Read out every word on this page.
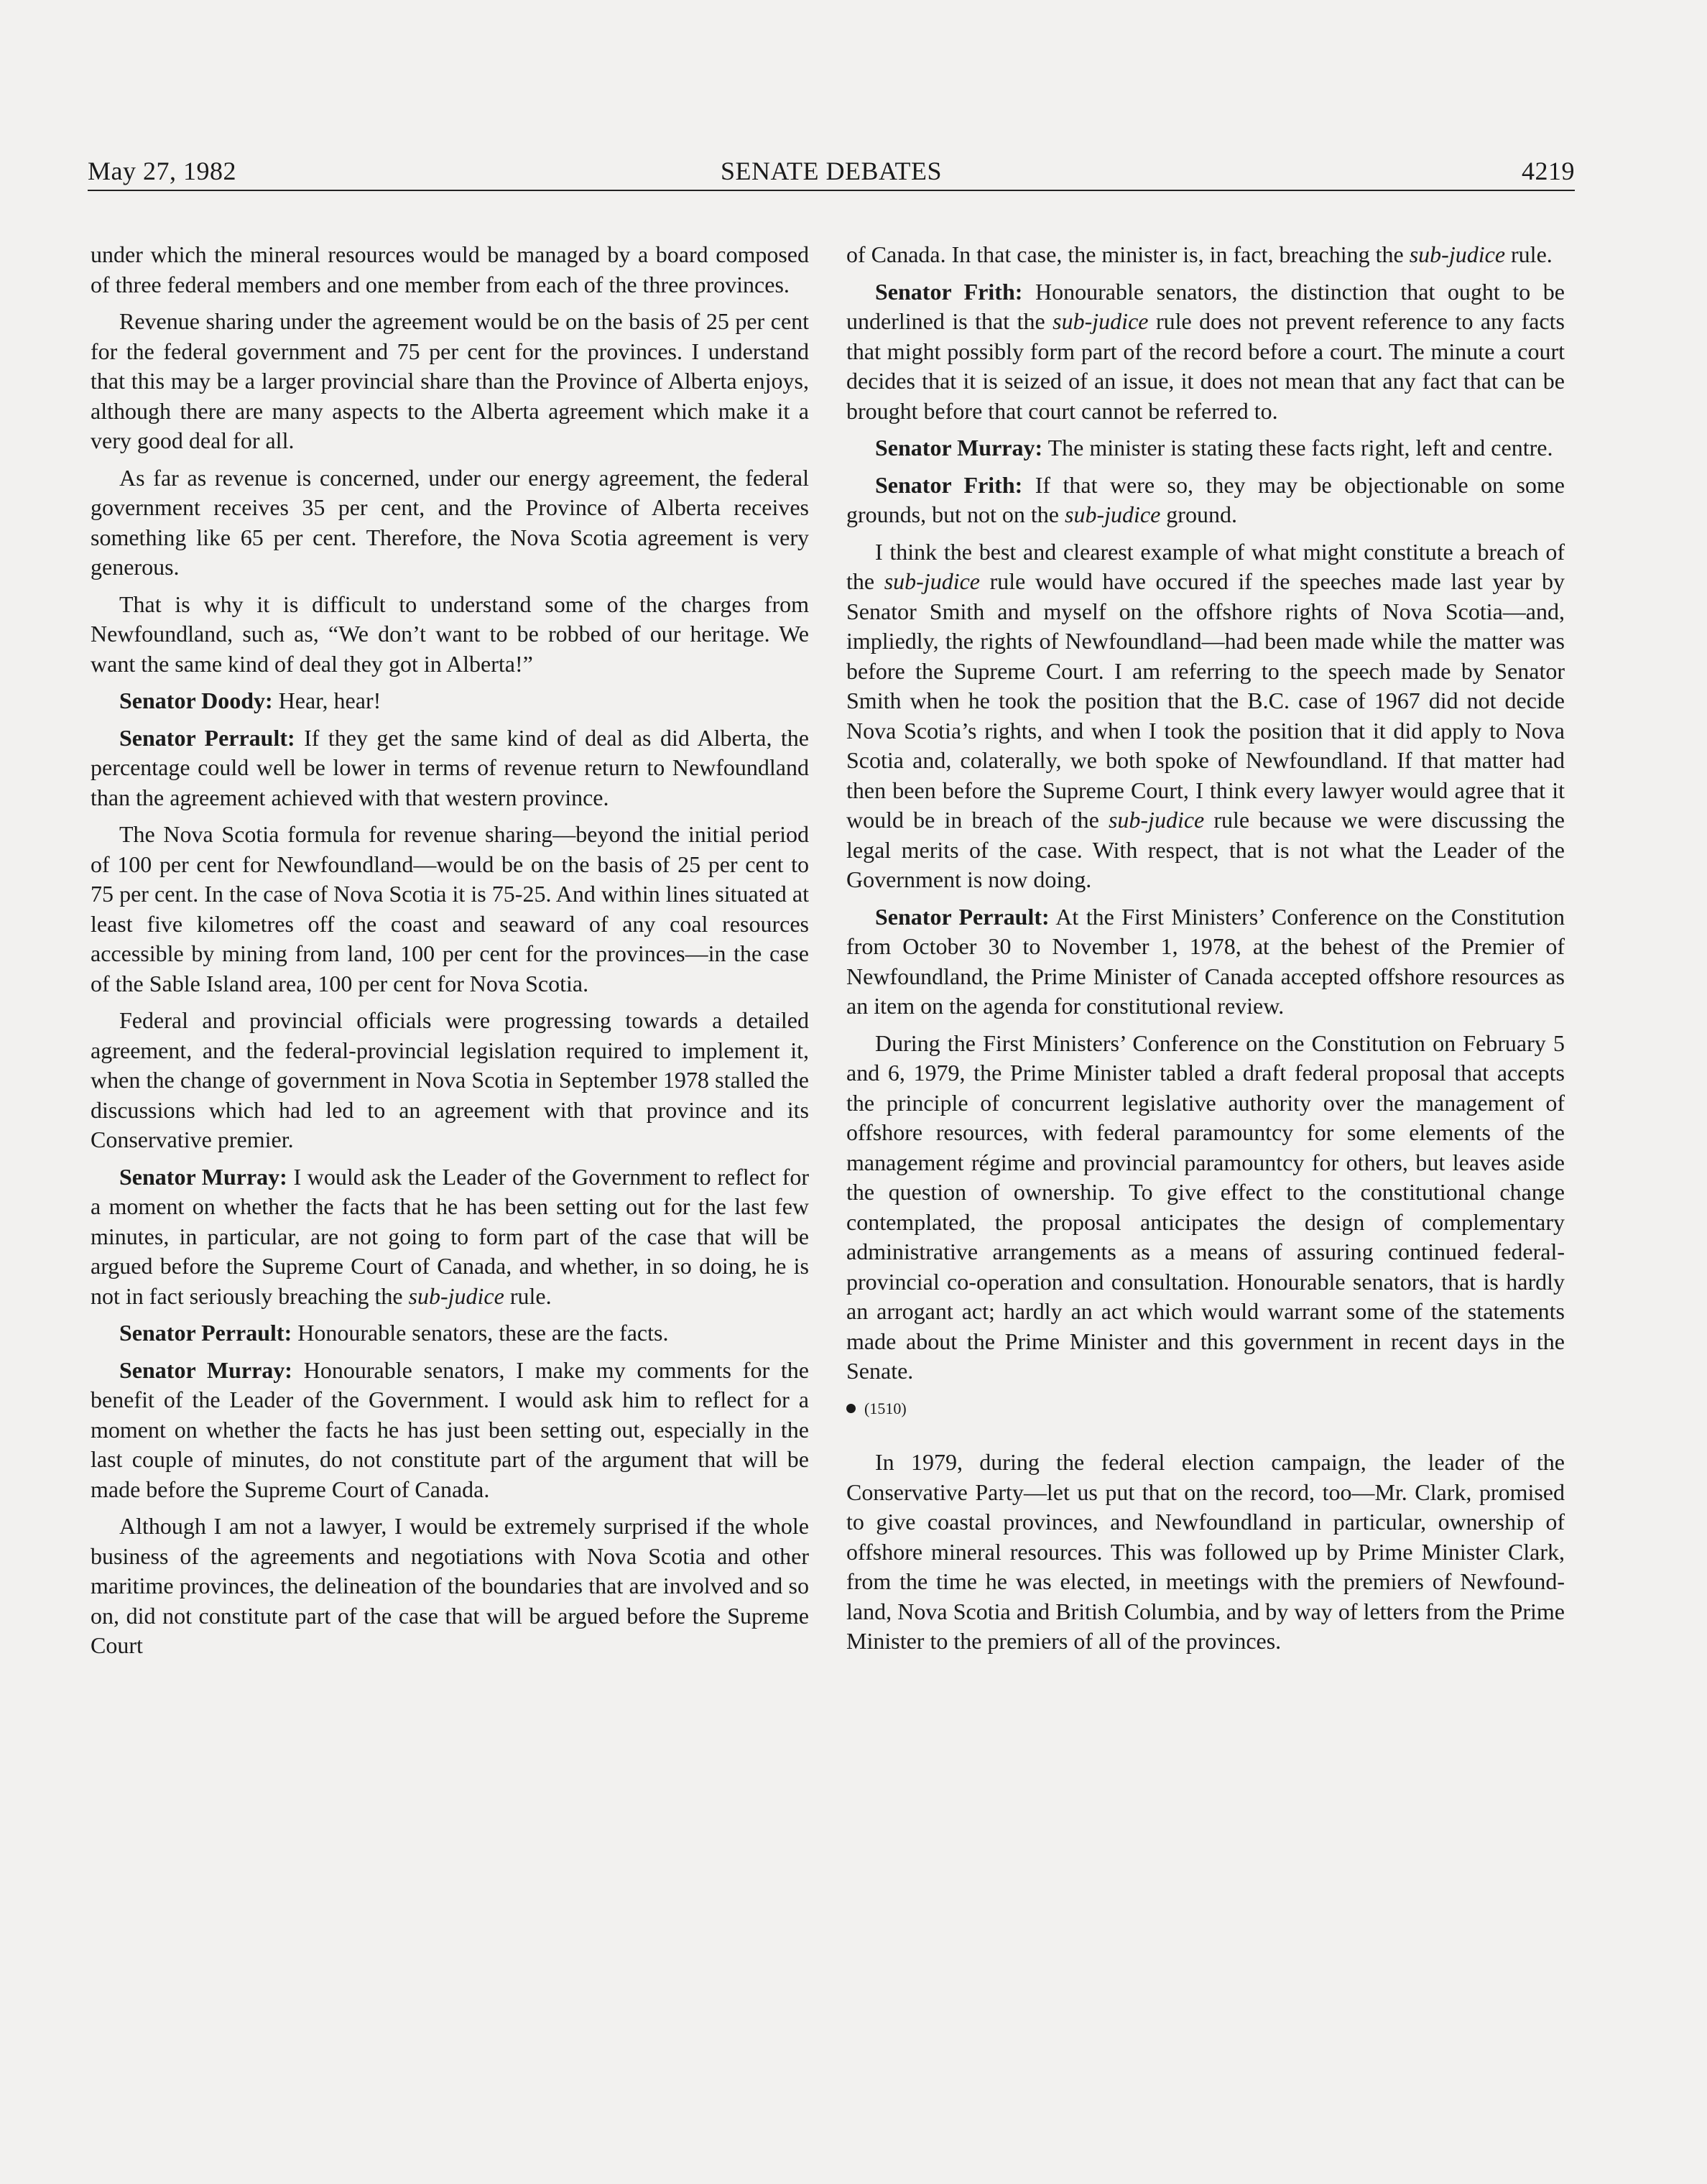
May 27, 1982	SENATE DEBATES	4219

under which the mineral resources would be managed by a board composed of three federal members and one member from each of the three provinces.

Revenue sharing under the agreement would be on the basis of 25 per cent for the federal government and 75 per cent for the provinces. I understand that this may be a larger provincial share than the Province of Alberta enjoys, although there are many aspects to the Alberta agreement which make it a very good deal for all.

As far as revenue is concerned, under our energy agreement, the federal government receives 35 per cent, and the Province of Alberta receives something like 65 per cent. Therefore, the Nova Scotia agreement is very generous.

That is why it is difficult to understand some of the charges from Newfoundland, such as, “We don’t want to be robbed of our heritage. We want the same kind of deal they got in Alberta!”

Senator Doody: Hear, hear!

Senator Perrault: If they get the same kind of deal as did Alberta, the percentage could well be lower in terms of revenue return to Newfoundland than the agreement achieved with that western province.

The Nova Scotia formula for revenue sharing—beyond the initial period of 100 per cent for Newfoundland—would be on the basis of 25 per cent to 75 per cent. In the case of Nova Scotia it is 75-25. And within lines situated at least five kilometres off the coast and seaward of any coal resources accessible by mining from land, 100 per cent for the provinces—in the case of the Sable Island area, 100 per cent for Nova Scotia.

Federal and provincial officials were progressing towards a detailed agreement, and the federal-provincial legislation required to implement it, when the change of government in Nova Scotia in September 1978 stalled the discussions which had led to an agreement with that province and its Conservative premier.

Senator Murray: I would ask the Leader of the Government to reflect for a moment on whether the facts that he has been setting out for the last few minutes, in particular, are not going to form part of the case that will be argued before the Supreme Court of Canada, and whether, in so doing, he is not in fact seriously breaching the sub-judice rule.

Senator Perrault: Honourable senators, these are the facts.

Senator Murray: Honourable senators, I make my comments for the benefit of the Leader of the Government. I would ask him to reflect for a moment on whether the facts he has just been setting out, especially in the last couple of minutes, do not constitute part of the argument that will be made before the Supreme Court of Canada.

Although I am not a lawyer, I would be extremely surprised if the whole business of the agreements and negotiations with Nova Scotia and other maritime provinces, the delineation of the boundaries that are involved and so on, did not constitute part of the case that will be argued before the Supreme Court

of Canada. In that case, the minister is, in fact, breaching the sub-judice rule.

Senator Frith: Honourable senators, the distinction that ought to be underlined is that the sub-judice rule does not prevent reference to any facts that might possibly form part of the record before a court. The minute a court decides that it is seized of an issue, it does not mean that any fact that can be brought before that court cannot be referred to.

Senator Murray: The minister is stating these facts right, left and centre.

Senator Frith: If that were so, they may be objectionable on some grounds, but not on the sub-judice ground.

I think the best and clearest example of what might constitute a breach of the sub-judice rule would have occured if the speeches made last year by Senator Smith and myself on the offshore rights of Nova Scotia—and, impliedly, the rights of Newfoundland—had been made while the matter was before the Supreme Court. I am referring to the speech made by Senator Smith when he took the position that the B.C. case of 1967 did not decide Nova Scotia’s rights, and when I took the position that it did apply to Nova Scotia and, colaterally, we both spoke of Newfoundland. If that matter had then been before the Supreme Court, I think every lawyer would agree that it would be in breach of the sub-judice rule because we were discussing the legal merits of the case. With respect, that is not what the Leader of the Government is now doing.

Senator Perrault: At the First Ministers’ Conference on the Constitution from October 30 to November 1, 1978, at the behest of the Premier of Newfoundland, the Prime Minister of Canada accepted offshore resources as an item on the agenda for constitutional review.

During the First Ministers’ Conference on the Constitution on February 5 and 6, 1979, the Prime Minister tabled a draft federal proposal that accepts the principle of concurrent legislative authority over the management of offshore resources, with federal paramountcy for some elements of the management régime and provincial paramountcy for others, but leaves aside the question of ownership. To give effect to the constitutional change contemplated, the proposal anticipates the design of complementary administrative arrangements as a means of assuring continued federal-provincial co-operation and consultation. Honourable senators, that is hardly an arrogant act; hardly an act which would warrant some of the statements made about the Prime Minister and this government in recent days in the Senate.

(1510)

In 1979, during the federal election campaign, the leader of the Conservative Party—let us put that on the record, too—Mr. Clark, promised to give coastal provinces, and Newfoundland in particular, ownership of offshore mineral resources. This was followed up by Prime Minister Clark, from the time he was elected, in meetings with the premiers of Newfoundland, Nova Scotia and British Columbia, and by way of letters from the Prime Minister to the premiers of all of the provinces.
